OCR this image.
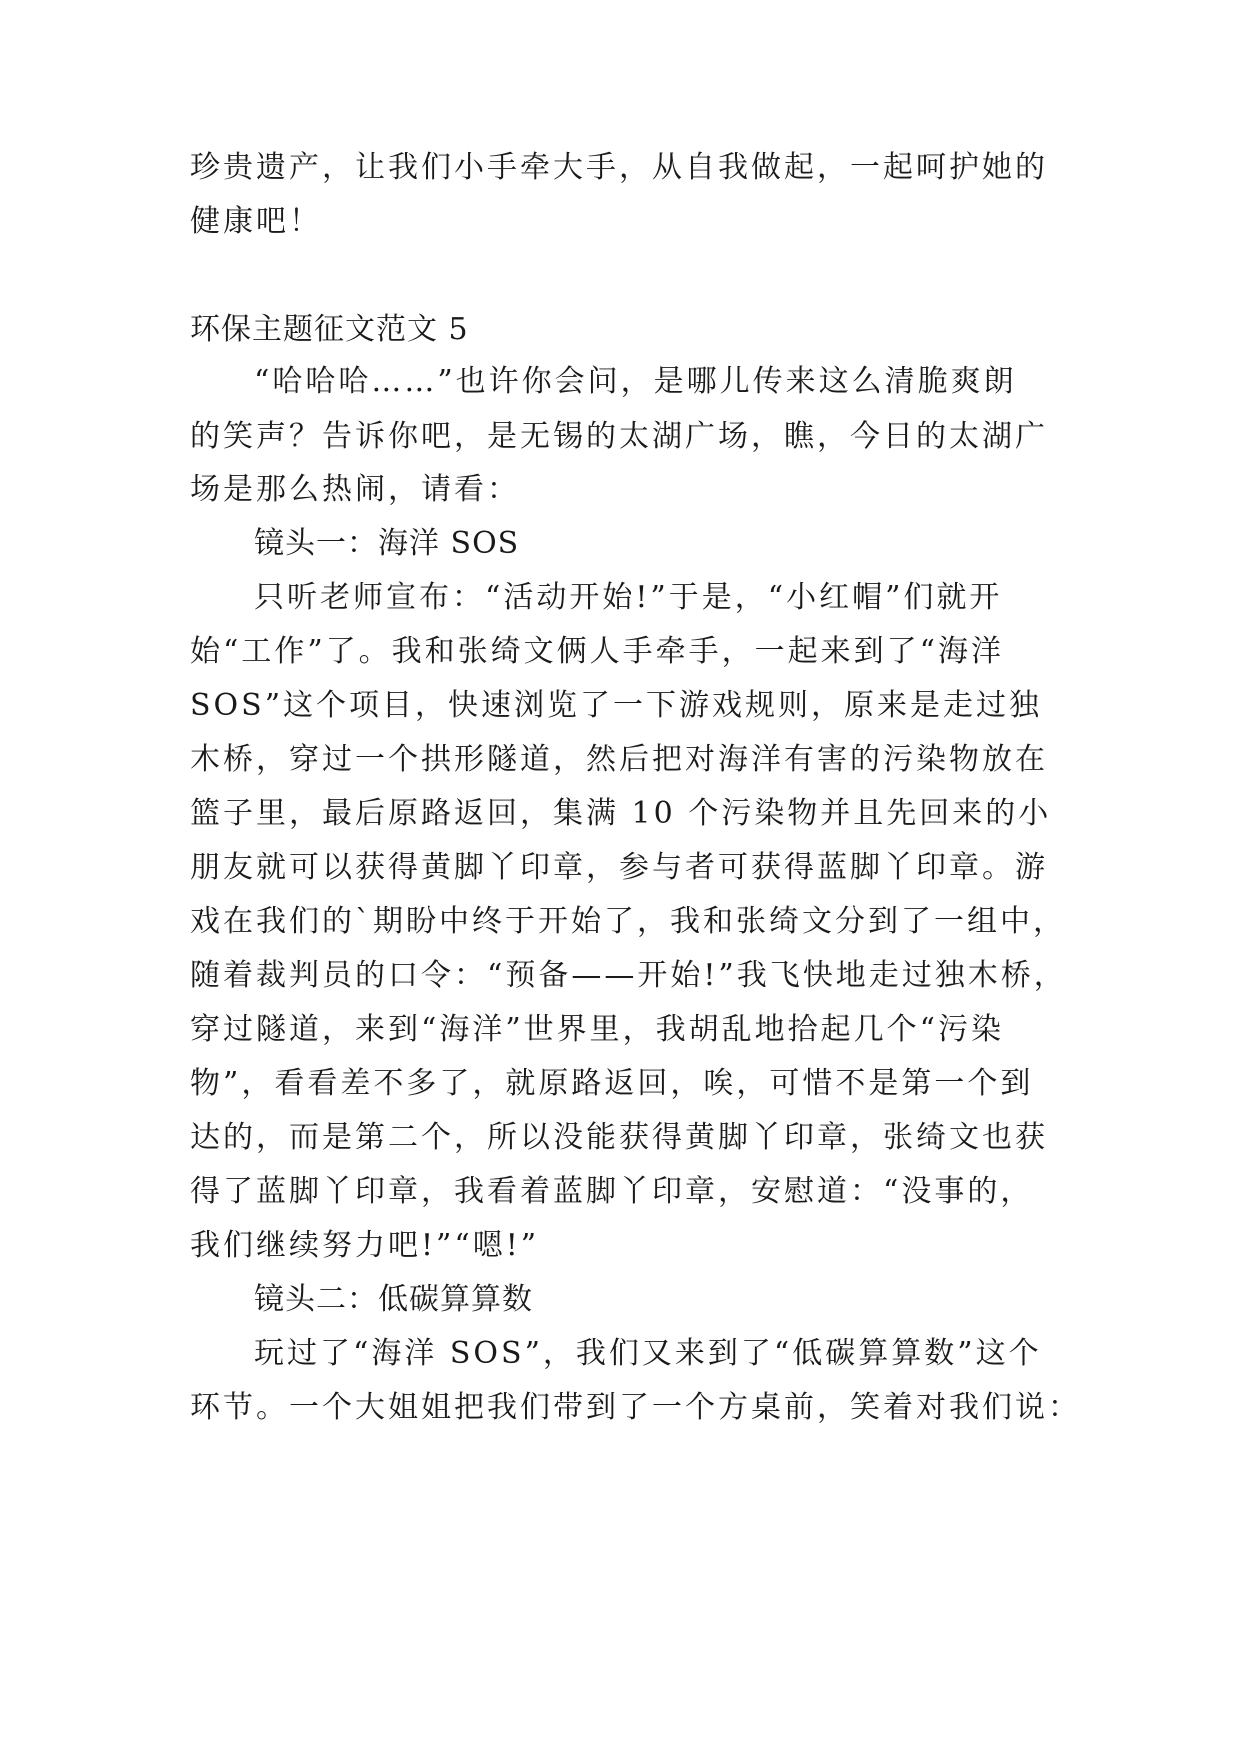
珍贵遗产，让我们小手牵大手，从自我做起，一起呵护她的
健康吧！
环保主题征文范文 5
“哈哈哈……”也许你会问，是哪儿传来这么清脆爽朗
的笑声？告诉你吧，是无锡的太湖广场，瞧，今日的太湖广
场是那么热闹，请看：
镜头一：海洋 SOS
只听老师宣布：“活动开始!”于是，“小红帽”们就开
始“工作”了。我和张绮文俩人手牵手，一起来到了“海洋
SOS”这个项目，快速浏览了一下游戏规则，原来是走过独
木桥，穿过一个拱形隧道，然后把对海洋有害的污染物放在
篮子里，最后原路返回，集满 10 个污染物并且先回来的小
朋友就可以获得黄脚丫印章，参与者可获得蓝脚丫印章。游
戏在我们的`期盼中终于开始了，我和张绮文分到了一组中，
随着裁判员的口令：“预备——开始!”我飞快地走过独木桥，
穿过隧道，来到“海洋”世界里，我胡乱地拾起几个“污染
物”，看看差不多了，就原路返回，唉，可惜不是第一个到
达的，而是第二个，所以没能获得黄脚丫印章，张绮文也获
得了蓝脚丫印章，我看着蓝脚丫印章，安慰道：“没事的，
我们继续努力吧!”“嗯!”
镜头二：低碳算算数
玩过了“海洋 SOS”，我们又来到了“低碳算算数”这个
环节。一个大姐姐把我们带到了一个方桌前，笑着对我们说：
